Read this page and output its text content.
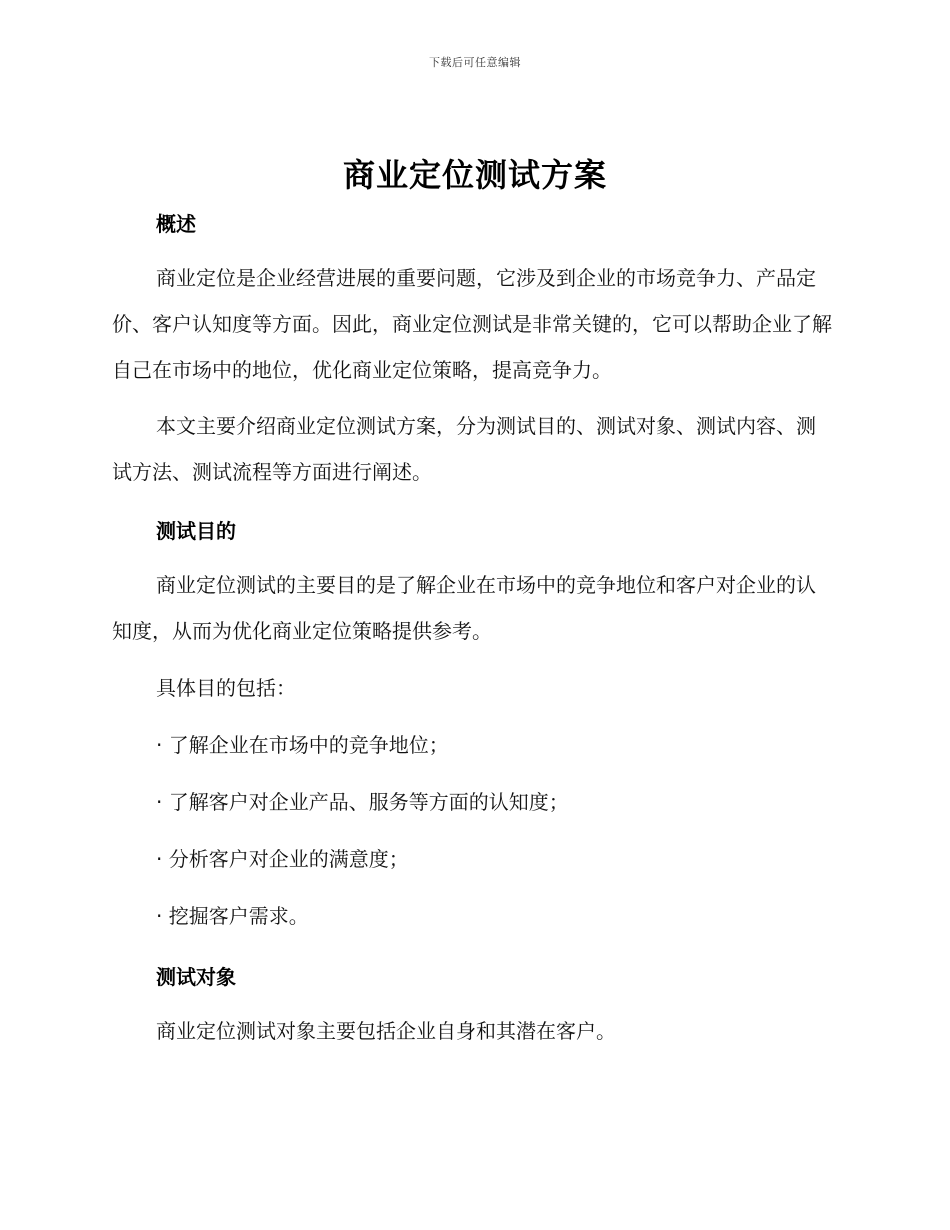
下载后可任意编辑
商业定位测试方案
概述

商业定位是企业经营进展的重要问题，它涉及到企业的市场竞争力、产品定价、客户认知度等方面。因此，商业定位测试是非常关键的，它可以帮助企业了解自己在市场中的地位，优化商业定位策略，提高竞争力。

本文主要介绍商业定位测试方案，分为测试目的、测试对象、测试内容、测试方法、测试流程等方面进行阐述。

测试目的

商业定位测试的主要目的是了解企业在市场中的竞争地位和客户对企业的认知度，从而为优化商业定位策略提供参考。

具体目的包括：

· 了解企业在市场中的竞争地位；

· 了解客户对企业产品、服务等方面的认知度；

· 分析客户对企业的满意度；

· 挖掘客户需求。

测试对象

商业定位测试对象主要包括企业自身和其潜在客户。
